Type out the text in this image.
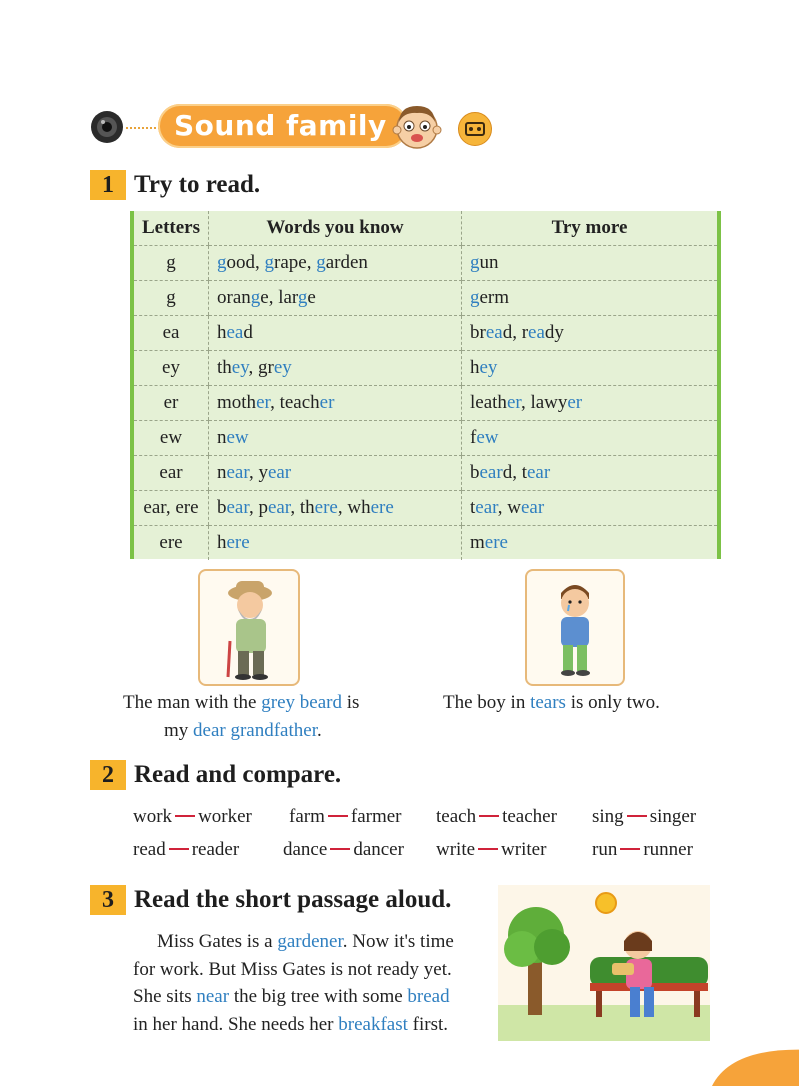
Sound family
1 Try to read.
Letters	Words you know	Try more
g	good, grape, garden	gun
g	orange, large	germ
ea	head	bread, ready
ey	they, grey	hey
er	mother, teacher	leather, lawyer
ew	new	few
ear	near, year	beard, tear
ear, ere	bear, pear, there, where	tear, wear
ere	here	mere
The man with the grey beard is
my dear grandfather.
The boy in tears is only two.
2 Read and compare.
work worker farm farmer teach teacher sing singer
read reader dance dancer write writer run runner
3 Read the short passage aloud.
Miss Gates is a gardener. Now it's time
for work. But Miss Gates is not ready yet.
She sits near the big tree with some bread
in her hand. She needs her breakfast first.
